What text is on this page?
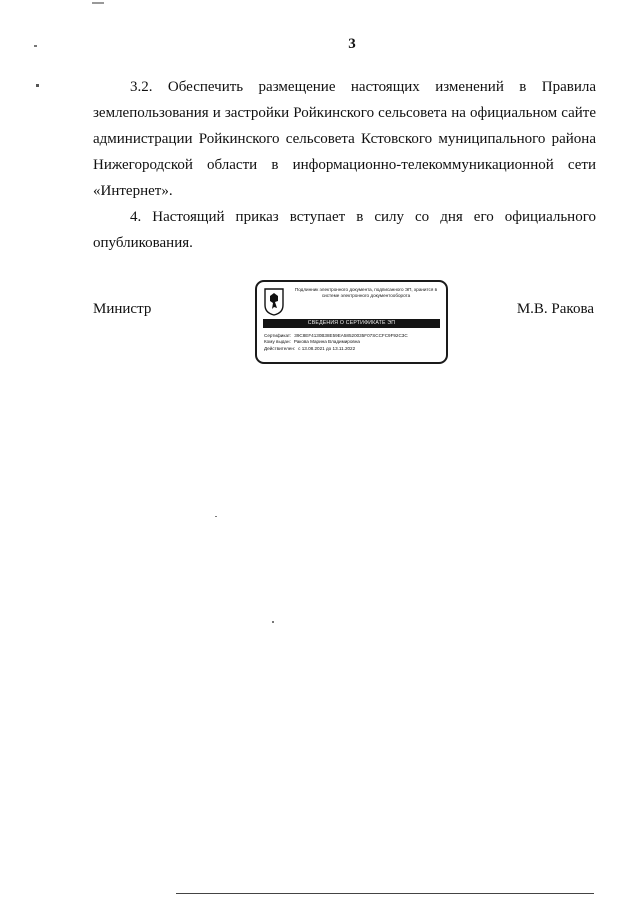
3

3.2. Обеспечить размещение настоящих изменений в Правила землепользования и застройки Ройкинского сельсовета на официальном сайте администрации Ройкинского сельсовета Кстовского муниципального района Нижегородской области в информационно-телекоммуникационной сети «Интернет».

4. Настоящий приказ вступает в силу со дня его официального опубликования.

Министр
Подлинник электронного документа, подписанного ЭП, хранится в системе электронного документооборота
СВЕДЕНИЯ О СЕРТИФИКАТЕ ЭП
Сертификат: 39C8EF4130B38E59EA58520035F07SCCFC9F92C3C
Кому выдан: Ракова Марина Владимировна
Действителен: с 13.08.2021 до 13.11.2022
М.В. Ракова
